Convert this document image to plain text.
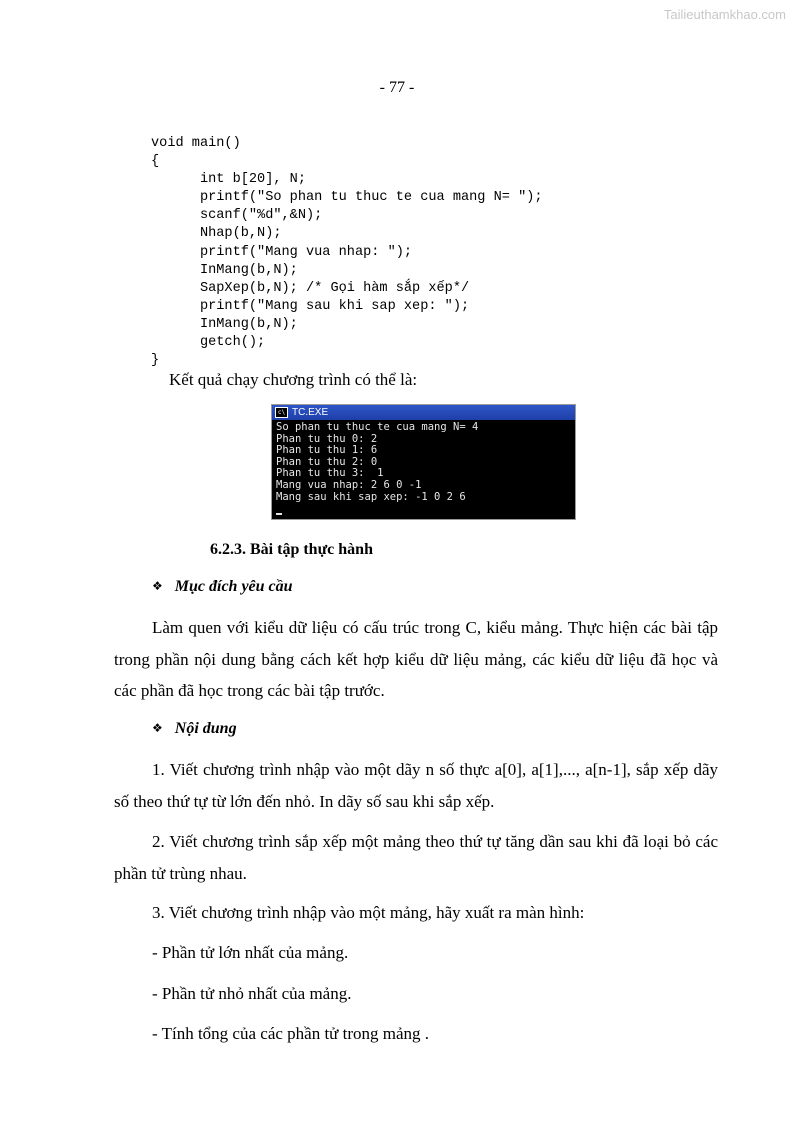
Tailieuthamkhao.com
- 77 -
void main()
{
int b[20], N;
printf("So phan tu thuc te cua mang N= ");
scanf("%d",&N);
Nhap(b,N);
printf("Mang vua nhap: ");
InMang(b,N);
SapXep(b,N); /* Gọi hàm sắp xếp*/
printf("Mang sau khi sap xep: ");
InMang(b,N);
getch();
}
Kết quả chạy chương trình có thể là:
c\ TC.EXE
So phan tu thuc te cua mang N= 4
Phan tu thu 0: 2
Phan tu thu 1: 6
Phan tu thu 2: 0
Phan tu thu 3:  1
Mang vua nhap: 2 6 0 -1
Mang sau khi sap xep: -1 0 2 6
6.2.3. Bài tập thực hành
❖ Mục đích yêu cầu

Làm quen với kiểu dữ liệu có cấu trúc trong C, kiểu mảng. Thực hiện các bài tập trong phần nội dung bằng cách kết hợp kiểu dữ liệu mảng, các kiểu dữ liệu đã học và các phần đã học trong các bài tập trước.

❖ Nội dung

1. Viết chương trình nhập vào một dãy n số thực a[0], a[1],..., a[n-1], sắp xếp dãy số theo thứ tự từ lớn đến nhỏ. In dãy số sau khi sắp xếp.

2. Viết chương trình sắp xếp một mảng theo thứ tự tăng dần sau khi đã loại bỏ các phần tử trùng nhau.

3. Viết chương trình nhập vào một mảng, hãy xuất ra màn hình:
- Phần tử lớn nhất của mảng.
- Phần tử nhỏ nhất của mảng.
- Tính tổng của các phần tử trong mảng .
